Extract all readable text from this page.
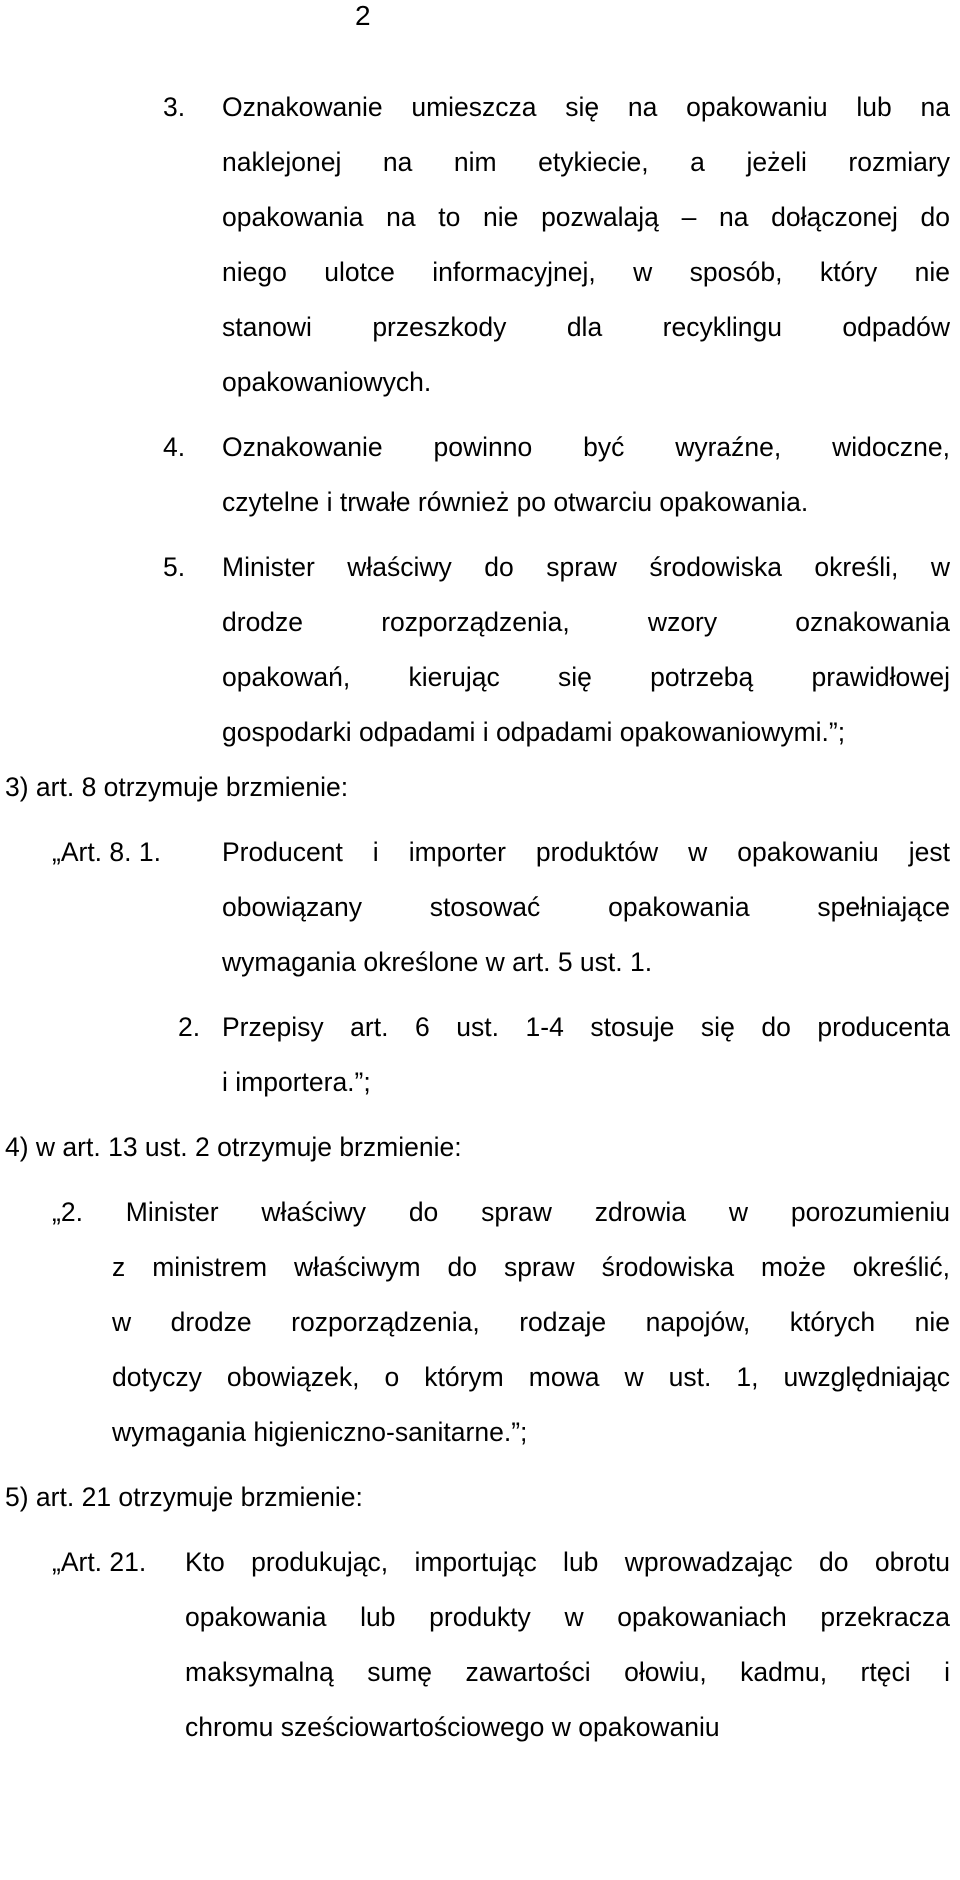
2
3. Oznakowanie umieszcza się na opakowaniu lub na
naklejonej na nim etykiecie, a jeżeli rozmiary
opakowania na to nie pozwalają – na dołączonej do
niego ulotce informacyjnej, w sposób, który nie
stanowi przeszkody dla recyklingu odpadów
opakowaniowych.
4. Oznakowanie powinno być wyraźne, widoczne,
czytelne i trwałe również po otwarciu opakowania.
5. Minister właściwy do spraw środowiska określi, w
drodze rozporządzenia, wzory oznakowania
opakowań, kierując się potrzebą prawidłowej
gospodarki odpadami i odpadami opakowaniowymi.”;
3) art. 8 otrzymuje brzmienie:
„Art. 8. 1. Producent i importer produktów w opakowaniu jest
obowiązany stosować opakowania spełniające
wymagania określone w art. 5 ust. 1.
2. Przepisy art. 6 ust. 1-4 stosuje się do producenta
i importera.”;
4) w art. 13 ust. 2 otrzymuje brzmienie:
„2. Minister właściwy do spraw zdrowia w porozumieniu
z ministrem właściwym do spraw środowiska może określić,
w drodze rozporządzenia, rodzaje napojów, których nie
dotyczy obowiązek, o którym mowa w ust. 1, uwzględniając
wymagania higieniczno-sanitarne.”;
5) art. 21 otrzymuje brzmienie:
„Art. 21. Kto produkując, importując lub wprowadzając do obrotu
opakowania lub produkty w opakowaniach przekracza
maksymalną sumę zawartości ołowiu, kadmu, rtęci i
chromu sześciowartościowego w opakowaniu
